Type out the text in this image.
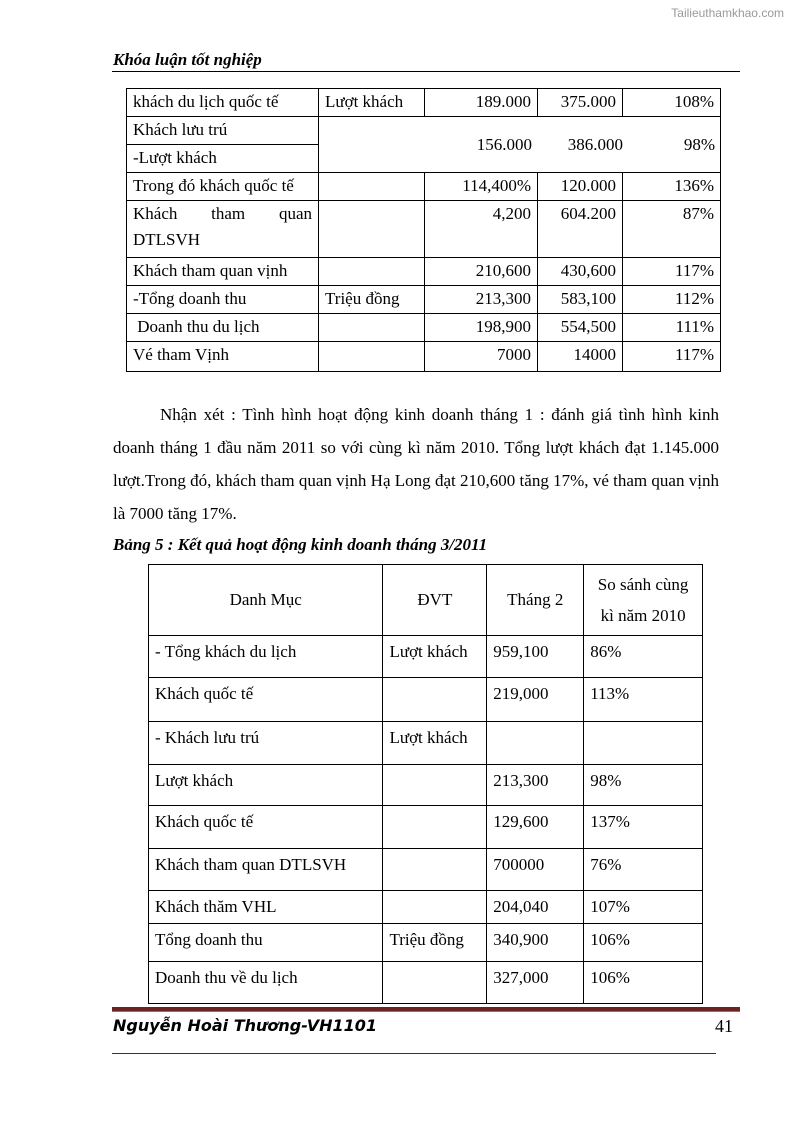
Tailieuthamkhao.com
Khóa luận tốt nghiệp
khách du lịch quốc tế	Lượt khách	189.000	375.000	108%
Khách lưu trú	156.000 386.000 98%			

-Lượt khách				
Trong đó khách quốc tế		114,400%	120.000	136%
Khách tham quan DTLSVH		4,200	604.200	87%
Khách tham quan vịnh		210,600	430,600	117%
-Tổng doanh thu	Triệu đồng	213,300	583,100	112%
Doanh thu du lịch		198,900	554,500	111%
Vé tham Vịnh		7000	14000	117%
Nhận xét : Tình hình hoạt động kinh doanh tháng 1 : đánh giá tình hình kinh doanh tháng 1 đầu năm 2011 so với cùng kì năm 2010. Tổng lượt khách đạt 1.145.000 lượt.Trong đó, khách tham quan vịnh Hạ Long đạt 210,600 tăng 17%, vé tham quan vịnh là 7000 tăng 17%.
Bảng 5 : Kết quả hoạt động kinh doanh tháng 3/2011
Danh Mục	ĐVT	Tháng 2	So sánh cùng kì năm 2010
- Tổng khách du lịch	Lượt khách	959,100	86%
Khách quốc tế		219,000	113%
- Khách lưu trú	Lượt khách		
Lượt khách		213,300	98%
Khách quốc tế		129,600	137%
Khách tham quan DTLSVH		700000	76%
Khách thăm VHL		204,040	107%
Tổng doanh thu	Triệu đồng	340,900	106%
Doanh thu về du lịch		327,000	106%
Nguyễn Hoài Thương-VH1101	41
